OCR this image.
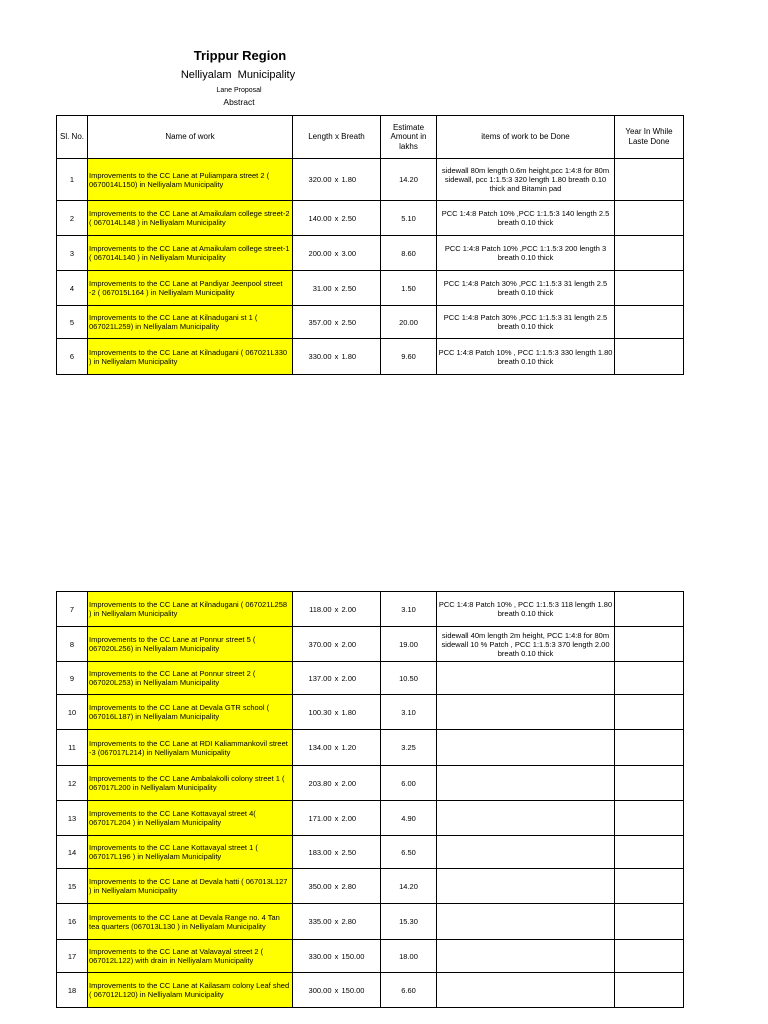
Trippur Region
Nelliyalam Municipality
Lane Proposal
Abstract
Sl. No.	Name of work	Length x Breath	Estimate Amount in lakhs	items of work to be Done	Year In While Laste Done
1	Improvements to the CC Lane at Puliampara street 2 ( 0670014L150) in Nelliyalam Municipality	320.00 x 1.80	14.20	sidewall 80m length 0.6m height,pcc 1:4:8 for 80m sidewall, pcc 1:1.5:3 320 length 1.80 breath 0.10 thick and Bitamin pad	
2	Improvements to the CC Lane at Amaikulam college street-2 ( 067014L148 ) in Nelliyalam Municipality	140.00 x 2.50	5.10	PCC 1:4:8 Patch 10% ,PCC 1:1.5:3 140 length 2.5 breath 0.10 thick	
3	Improvements to the CC Lane at Amaikulam college street-1 ( 067014L140 ) in Nelliyalam Municipality	200.00 x 3.00	8.60	PCC 1:4:8 Patch 10% ,PCC 1:1.5:3 200 length 3 breath 0.10 thick	
4	Improvements to the CC Lane at Pandiyar Jeenpool street -2 ( 067015L164 ) in Nelliyalam Municipality	31.00 x 2.50	1.50	PCC 1:4:8 Patch 30% ,PCC 1:1.5:3 31 length 2.5 breath 0.10 thick	
5	Improvements to the CC Lane at Kilnadugani st 1 ( 067021L259) in Nelliyalam Municipality	357.00 x 2.50	20.00	PCC 1:4:8 Patch 30% ,PCC 1:1.5:3 31 length 2.5 breath 0.10 thick	
6	Improvements to the CC Lane at Kilnadugani ( 067021L330 ) in Nelliyalam Municipality	330.00 x 1.80	9.60	PCC 1:4:8 Patch 10% , PCC 1:1.5:3 330 length 1.80 breath 0.10 thick	
7	Improvements to the CC Lane at Kilnadugani ( 067021L258 ) in Nelliyalam Municipality	118.00 x 2.00	3.10	PCC 1:4:8 Patch 10% , PCC 1:1.5:3 118 length 1.80 breath 0.10 thick	
8	Improvements to the CC Lane at Ponnur street 5 ( 067020L256) in Nelliyalam Municipality	370.00 x 2.00	19.00	sidewall 40m length 2m height, PCC 1:4:8 for 80m sidewall 10 % Patch , PCC 1:1.5:3 370 length 2.00 breath 0.10 thick	
9	Improvements to the CC Lane at Ponnur street 2 ( 067020L253) in Nelliyalam Municipality	137.00 x 2.00	10.50		
10	Improvements to the CC Lane at Devala GTR school ( 067016L187) in Nelliyalam Municipality	100.30 x 1.80	3.10		
11	Improvements to the CC Lane at RDI Kaliammankovil street -3 (067017L214) in Nelliyalam Municipality	134.00 x 1.20	3.25		
12	Improvements to the CC Lane Ambalakolli colony street 1 ( 067017L200 in Nelliyalam Municipality	203.80 x 2.00	6.00		
13	Improvements to the CC Lane Kottavayal street 4( 067017L204 ) in Nelliyalam Municipality	171.00 x 2.00	4.90		
14	Improvements to the CC Lane Kottavayal street 1 ( 067017L196 ) in Nelliyalam Municipality	183.00 x 2.50	6.50		
15	Improvements to the CC Lane at Devala hatti ( 067013L127 ) in Nelliyalam Municipality	350.00 x 2.80	14.20		
16	Improvements to the CC Lane at Devala Range no. 4 Tan tea quarters (067013L130 ) in Nelliyalam Municipality	335.00 x 2.80	15.30		
17	Improvements to the CC Lane at Valavayal street 2 ( 067012L122) with drain in Nelliyalam Municipality	330.00 x 150.00	18.00		
18	Improvements to the CC Lane at Kailasam colony Leaf shed ( 067012L120) in Nelliyalam Municipality	300.00 x 150.00	6.60		
